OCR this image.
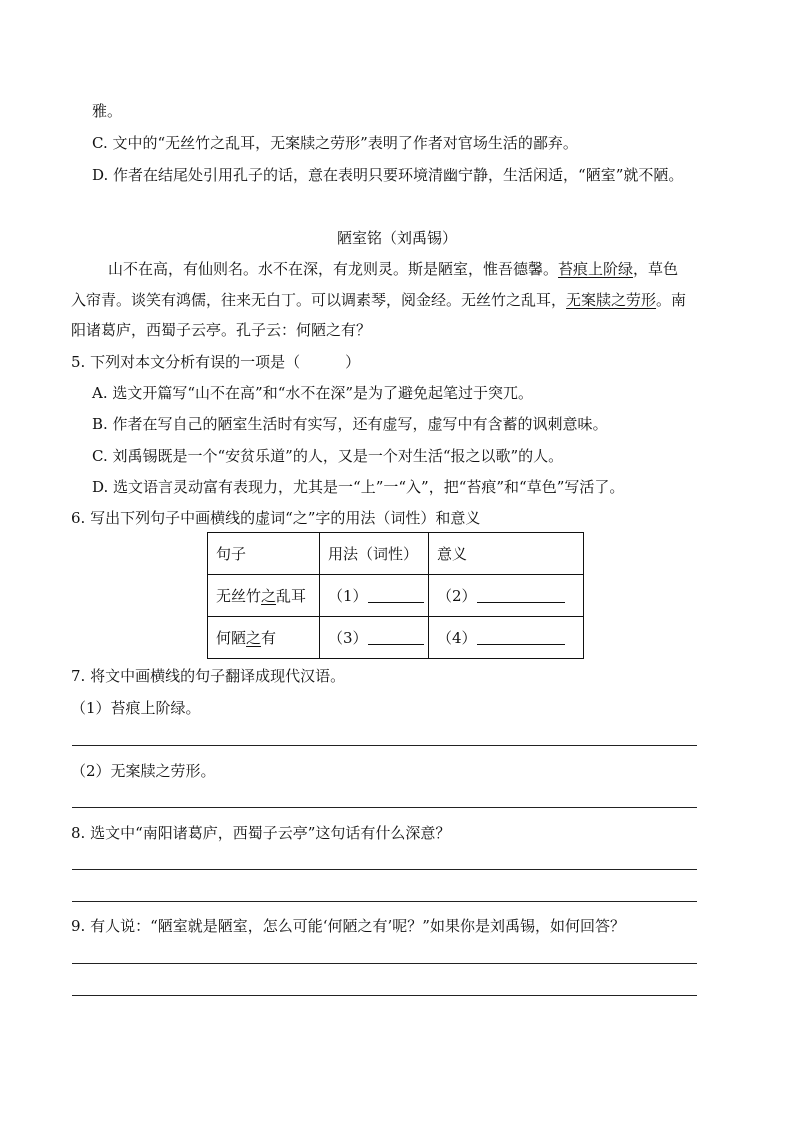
雅。
C. 文中的“无丝竹之乱耳，无案牍之劳形”表明了作者对官场生活的鄙弃。
D. 作者在结尾处引用孔子的话，意在表明只要环境清幽宁静，生活闲适，“陋室”就不陋。
陋室铭（刘禹锡）
山不在高，有仙则名。水不在深，有龙则灵。斯是陋室，惟吾德馨。苔痕上阶绿，草色
入帘青。谈笑有鸿儒，往来无白丁。可以调素琴，阅金经。无丝竹之乱耳，无案牍之劳形。南
阳诸葛庐，西蜀子云亭。孔子云：何陋之有？
5. 下列对本文分析有误的一项是（　　　）
A. 选文开篇写“山不在高”和“水不在深”是为了避免起笔过于突兀。
B. 作者在写自己的陋室生活时有实写，还有虚写，虚写中有含蓄的讽刺意味。
C. 刘禹锡既是一个“安贫乐道”的人，又是一个对生活“报之以歌”的人。
D. 选文语言灵动富有表现力，尤其是一“上”一“入”，把“苔痕”和“草色”写活了。
6. 写出下列句子中画横线的虚词“之”字的用法（词性）和意义
句子	用法（词性）	意义
无丝竹之乱耳	（1）	（2）
何陋之有	（3）	（4）
7. 将文中画横线的句子翻译成现代汉语。
（1）苔痕上阶绿。
（2）无案牍之劳形。
8. 选文中“南阳诸葛庐，西蜀子云亭”这句话有什么深意？
9. 有人说：“陋室就是陋室，怎么可能‘何陋之有’呢？”如果你是刘禹锡，如何回答？
